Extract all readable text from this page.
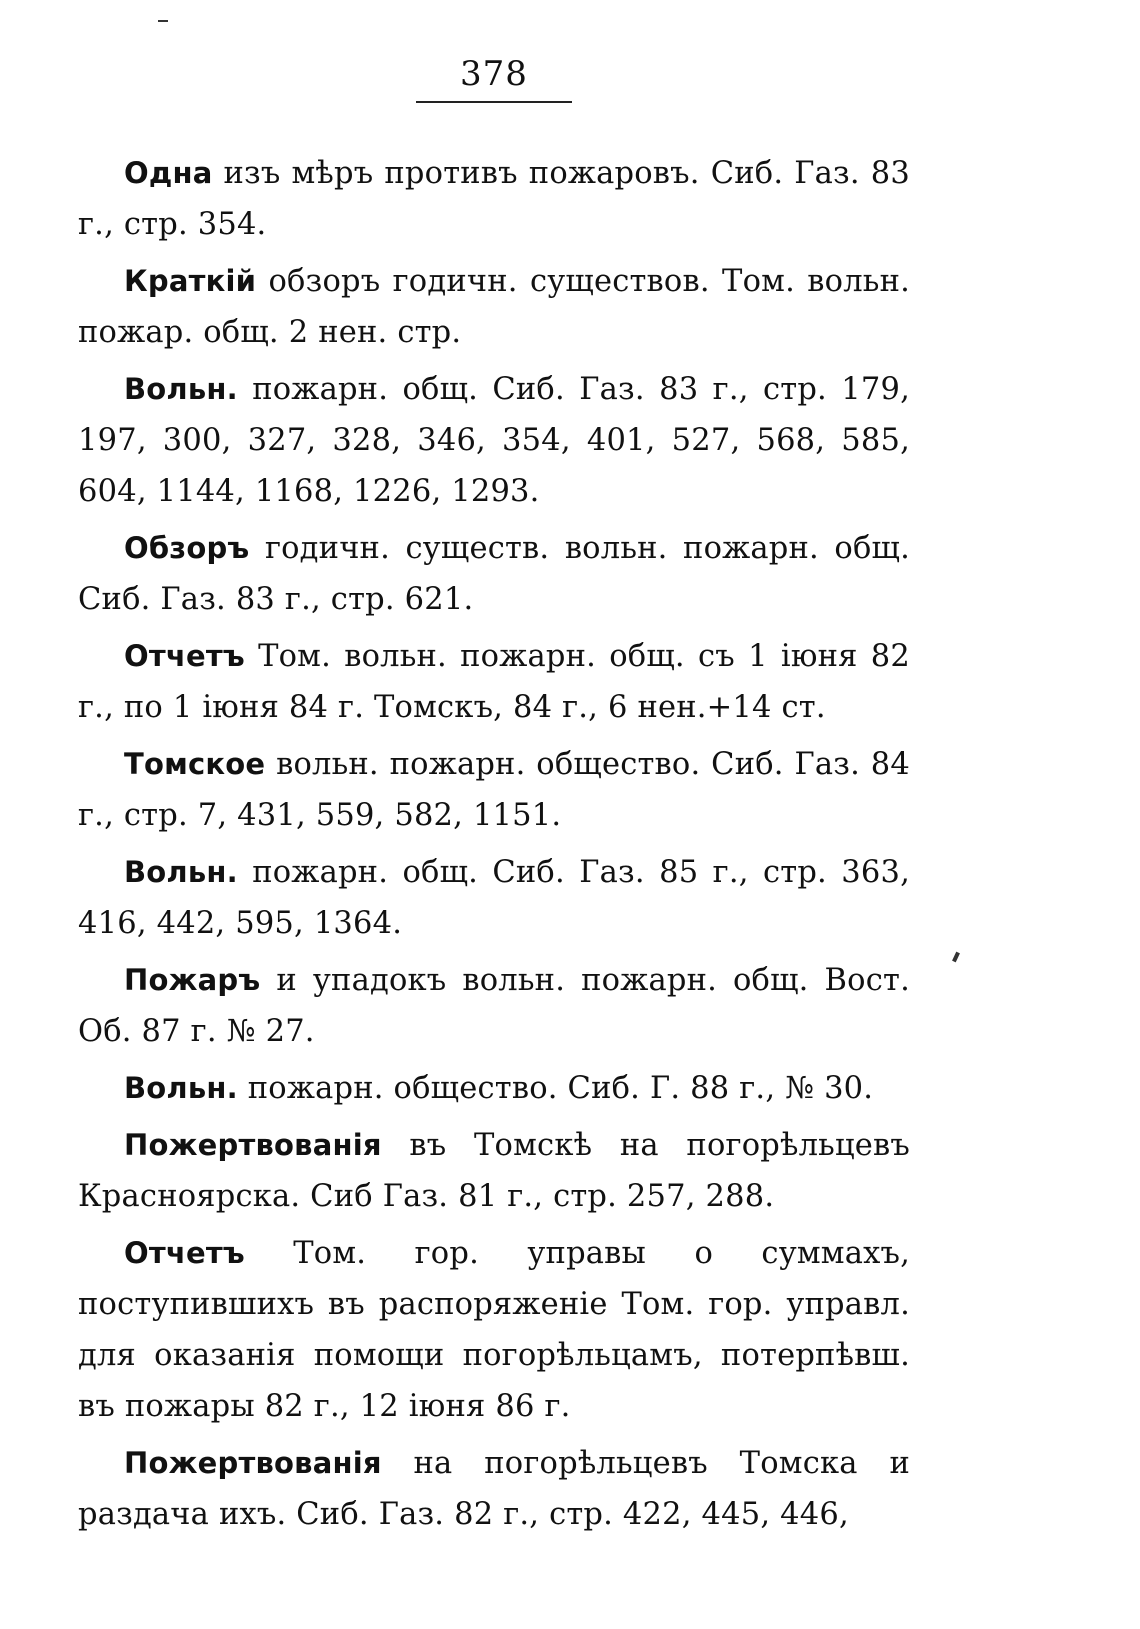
378

Одна изъ мѣръ противъ пожаровъ. Сиб. Газ. 83 г., стр. 354.

Краткій обзоръ годичн. существов. Том. вольн. пожар. общ. 2 нен. стр.

Вольн. пожарн. общ. Сиб. Газ. 83 г., стр. 179, 197, 300, 327, 328, 346, 354, 401, 527, 568, 585, 604, 1144, 1168, 1226, 1293.

Обзоръ годичн. существ. вольн. пожарн. общ. Сиб. Газ. 83 г., стр. 621.

Отчетъ Том. вольн. пожарн. общ. съ 1 іюня 82 г., по 1 іюня 84 г. Томскъ, 84 г., 6 нен.+14 ст.

Томское вольн. пожарн. общество. Сиб. Газ. 84 г., стр. 7, 431, 559, 582, 1151.

Вольн. пожарн. общ. Сиб. Газ. 85 г., стр. 363, 416, 442, 595, 1364.

Пожаръ и упадокъ вольн. пожарн. общ. Вост. Об. 87 г. № 27.

Вольн. пожарн. общество. Сиб. Г. 88 г., № 30.

Пожертвованія въ Томскѣ на погорѣльцевъ Красноярска. Сиб Газ. 81 г., стр. 257, 288.

Отчетъ Том. гор. управы о суммахъ, поступившихъ въ распоряженіе Том. гор. управл. для оказанія помощи погорѣльцамъ, потерпѣвш. въ пожары 82 г., 12 іюня 86 г.

Пожертвованія на погорѣльцевъ Томска и раздача ихъ. Сиб. Газ. 82 г., стр. 422, 445, 446,
